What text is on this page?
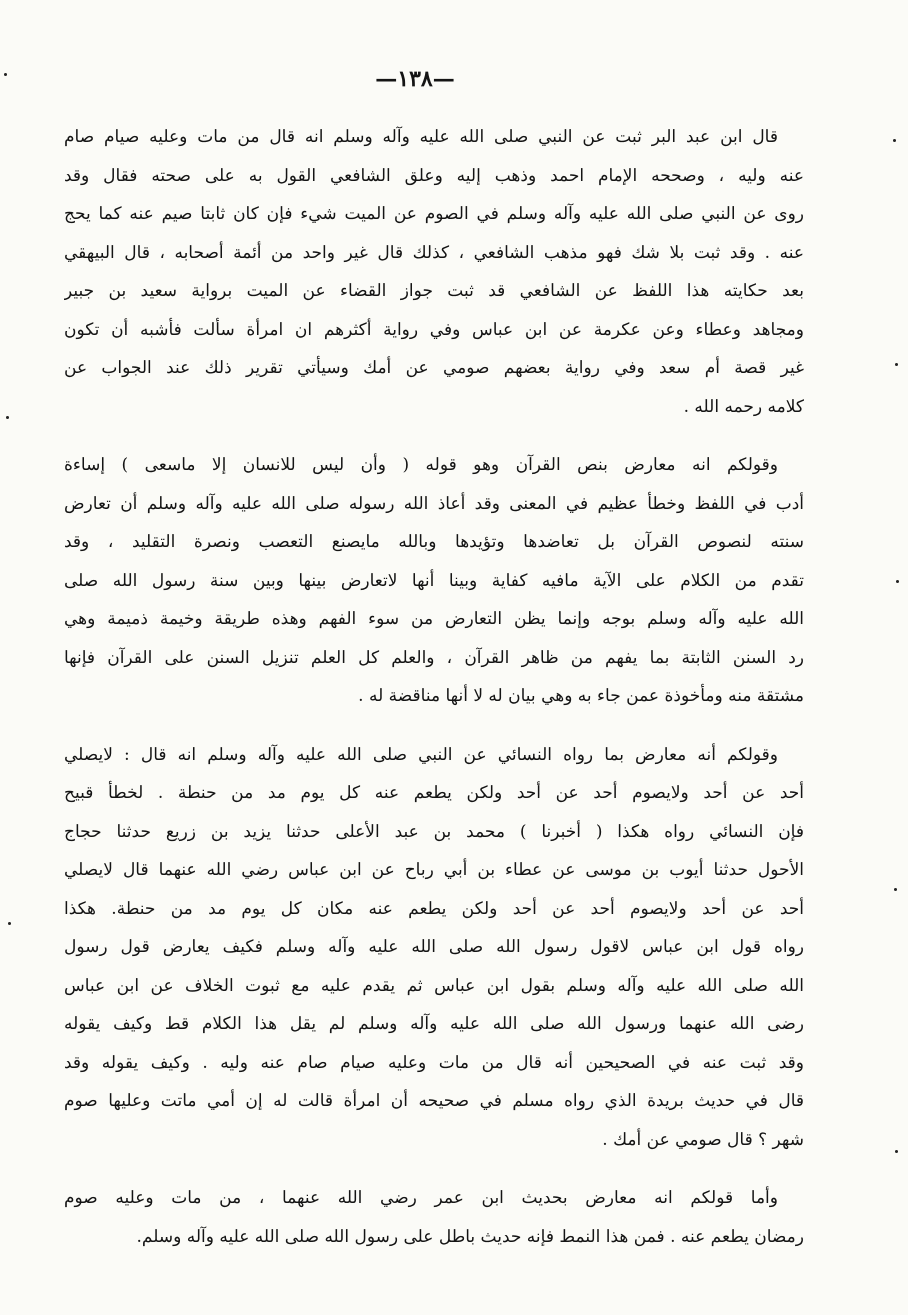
—١٣٨—
قال ابن عبد البر ثبت عن النبي صلى الله عليه وآله وسلم انه قال من مات وعليه صيام صام
عنه وليه ، وصححه الإمام احمد وذهب إليه وعلق الشافعي القول به على صحته فقال وقد
روى عن النبي صلى الله عليه وآله وسلم في الصوم عن الميت شيء فإن كان ثابتا صيم عنه كما يحج
عنه . وقد ثبت بلا شك فهو مذهب الشافعي ، كذلك قال غير واحد من أئمة أصحابه ، قال البيهقي
بعد حكايته هذا اللفظ عن الشافعي قد ثبت جواز القضاء عن الميت برواية سعيد بن جبير
ومجاهد وعطاء وعن عكرمة عن ابن عباس وفي رواية أكثرهم ان امرأة سألت فأشبه أن تكون
غير قصة أم سعد وفي رواية بعضهم صومي عن أمك وسيأتي تقرير ذلك عند الجواب عن
كلامه رحمه الله .
وقولكم انه معارض بنص القرآن وهو قوله ( وأن ليس للانسان إلا ماسعى ) إساءة
أدب في اللفظ وخطأ عظيم في المعنى وقد أعاذ الله رسوله صلى الله عليه وآله وسلم أن تعارض
سنته لنصوص القرآن بل تعاضدها وتؤيدها وبالله مايصنع التعصب ونصرة التقليد ، وقد
تقدم من الكلام على الآية مافيه كفاية وبينا أنها لاتعارض بينها وبين سنة رسول الله صلى
الله عليه وآله وسلم بوجه وإنما يظن التعارض من سوء الفهم وهذه طريقة وخيمة ذميمة وهي
رد السنن الثابتة بما يفهم من ظاهر القرآن ، والعلم كل العلم تنزيل السنن على القرآن فإنها
مشتقة منه ومأخوذة عمن جاء به وهي بيان له لا أنها مناقضة له .
وقولكم أنه معارض بما رواه النسائي عن النبي صلى الله عليه وآله وسلم انه قال : لايصلي
أحد عن أحد ولايصوم أحد عن أحد ولكن يطعم عنه كل يوم مد من حنطة . لخطأ قبيح
فإن النسائي رواه هكذا ( أخبرنا ) محمد بن عبد الأعلى حدثنا يزيد بن زريع حدثنا حجاج
الأحول حدثنا أيوب بن موسى عن عطاء بن أبي رباح عن ابن عباس رضي الله عنهما قال لايصلي
أحد عن أحد ولايصوم أحد عن أحد ولكن يطعم عنه مكان كل يوم مد من حنطة. هكذا
رواه قول ابن عباس لاقول رسول الله صلى الله عليه وآله وسلم فكيف يعارض قول رسول
الله صلى الله عليه وآله وسلم بقول ابن عباس ثم يقدم عليه مع ثبوت الخلاف عن ابن عباس
رضى الله عنهما ورسول الله صلى الله عليه وآله وسلم لم يقل هذا الكلام قط وكيف يقوله
وقد ثبت عنه في الصحيحين أنه قال من مات وعليه صيام صام عنه وليه . وكيف يقوله وقد
قال في حديث بريدة الذي رواه مسلم في صحيحه أن امرأة قالت له إن أمي ماتت وعليها صوم
شهر ؟ قال صومي عن أمك .
وأما قولكم انه معارض بحديث ابن عمر رضي الله عنهما ، من مات وعليه صوم
رمضان يطعم عنه . فمن هذا النمط فإنه حديث باطل على رسول الله صلى الله عليه وآله وسلم.
